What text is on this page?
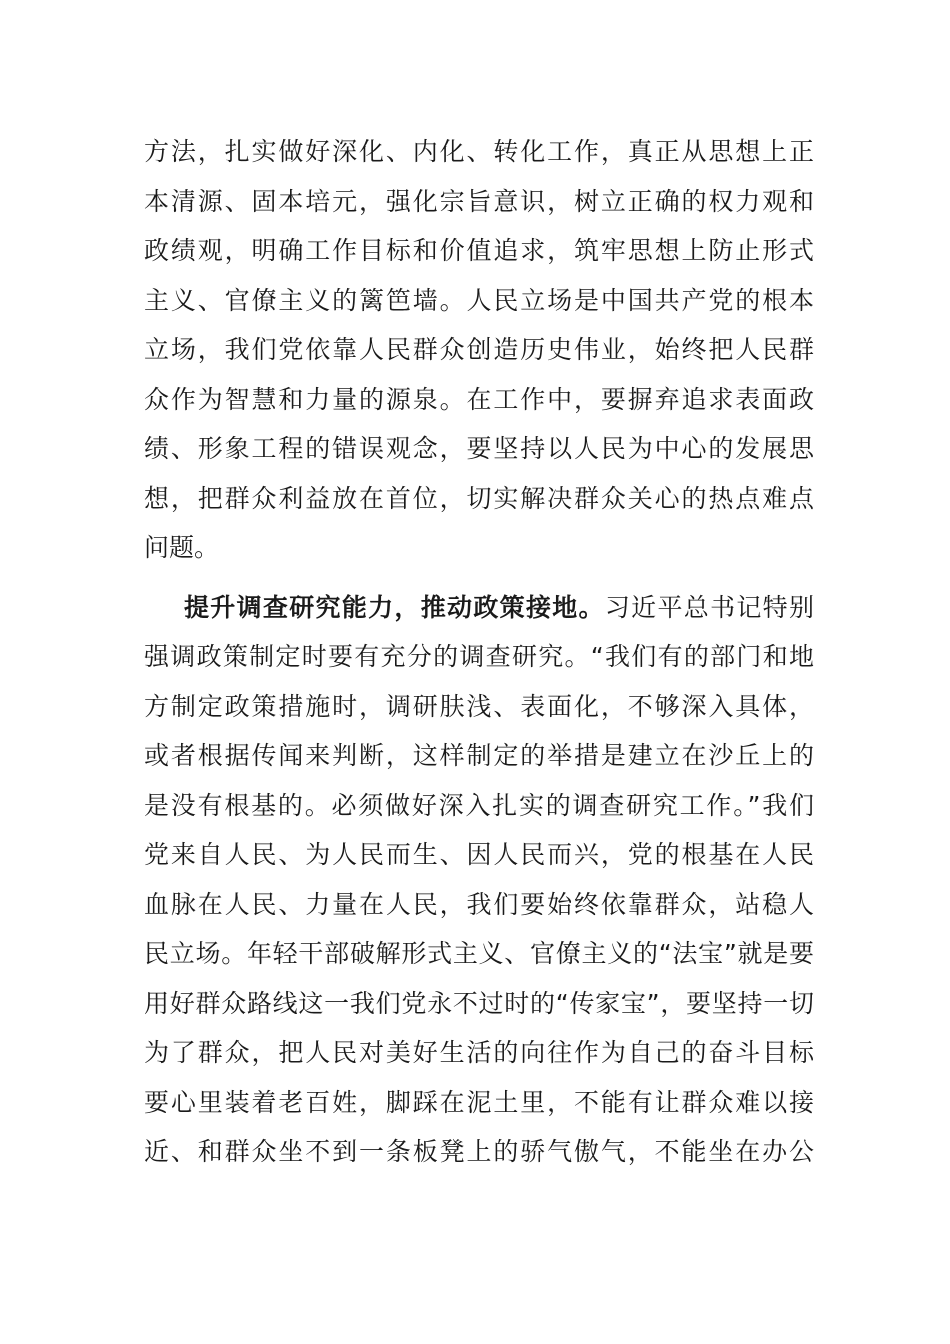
方法，扎实做好深化、内化、转化工作，真正从思想上正
本清源、固本培元，强化宗旨意识，树立正确的权力观和
政绩观，明确工作目标和价值追求，筑牢思想上防止形式
主义、官僚主义的篱笆墙。人民立场是中国共产党的根本
立场，我们党依靠人民群众创造历史伟业，始终把人民群
众作为智慧和力量的源泉。在工作中，要摒弃追求表面政
绩、形象工程的错误观念，要坚持以人民为中心的发展思
想，把群众利益放在首位，切实解决群众关心的热点难点
问题。
提升调查研究能力，推动政策接地。习近平总书记特别
强调政策制定时要有充分的调查研究。“我们有的部门和地
方制定政策措施时，调研肤浅、表面化，不够深入具体，
或者根据传闻来判断，这样制定的举措是建立在沙丘上的
是没有根基的。必须做好深入扎实的调查研究工作。”我们
党来自人民、为人民而生、因人民而兴，党的根基在人民
血脉在人民、力量在人民，我们要始终依靠群众，站稳人
民立场。年轻干部破解形式主义、官僚主义的“法宝”就是要
用好群众路线这一我们党永不过时的“传家宝”，要坚持一切
为了群众，把人民对美好生活的向往作为自己的奋斗目标
要心里装着老百姓，脚踩在泥土里，不能有让群众难以接
近、和群众坐不到一条板凳上的骄气傲气，不能坐在办公
